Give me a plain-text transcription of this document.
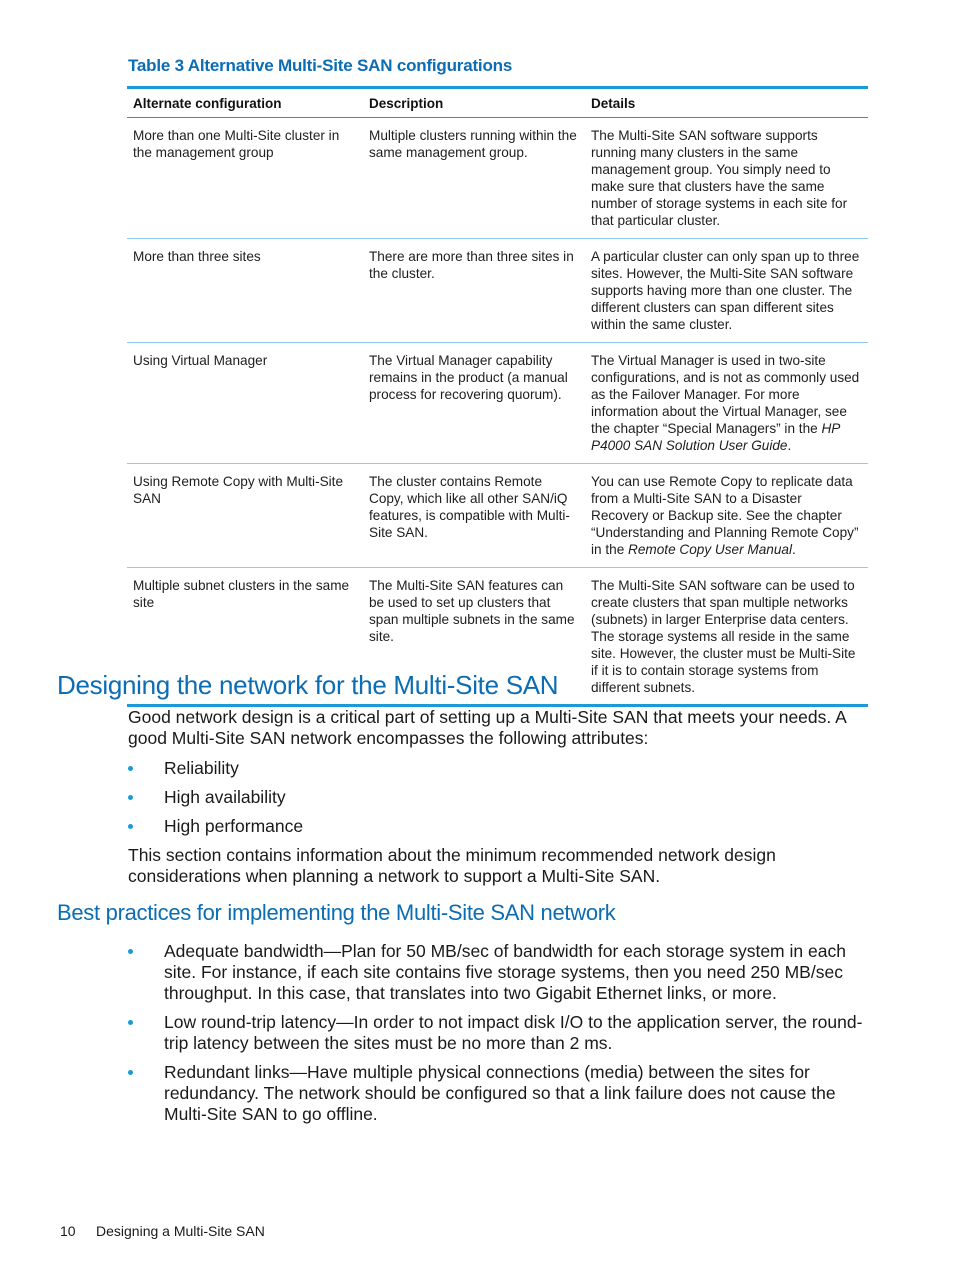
Table 3 Alternative Multi-Site SAN configurations
Alternate configuration	Description	Details
More than one Multi-Site cluster in the management group	Multiple clusters running within the same management group.	The Multi-Site SAN software supports running many clusters in the same management group. You simply need to make sure that clusters have the same number of storage systems in each site for that particular cluster.
More than three sites	There are more than three sites in the cluster.	A particular cluster can only span up to three sites. However, the Multi-Site SAN software supports having more than one cluster. The different clusters can span different sites within the same cluster.
Using Virtual Manager	The Virtual Manager capability remains in the product (a manual process for recovering quorum).	The Virtual Manager is used in two-site configurations, and is not as commonly used as the Failover Manager. For more information about the Virtual Manager, see the chapter “Special Managers” in the HP P4000 SAN Solution User Guide.
Using Remote Copy with Multi-Site SAN	The cluster contains Remote Copy, which like all other SAN/iQ features, is compatible with Multi-Site SAN.	You can use Remote Copy to replicate data from a Multi-Site SAN to a Disaster Recovery or Backup site. See the chapter “Understanding and Planning Remote Copy” in the Remote Copy User Manual.
Multiple subnet clusters in the same site	The Multi-Site SAN features can be used to set up clusters that span multiple subnets in the same site.	The Multi-Site SAN software can be used to create clusters that span multiple networks (subnets) in larger Enterprise data centers. The storage systems all reside in the same site. However, the cluster must be Multi-Site if it is to contain storage systems from different subnets.
Designing the network for the Multi-Site SAN
Good network design is a critical part of setting up a Multi-Site SAN that meets your needs. A good Multi-Site SAN network encompasses the following attributes:
Reliability
High availability
High performance
This section contains information about the minimum recommended network design considerations when planning a network to support a Multi-Site SAN.
Best practices for implementing the Multi-Site SAN network
Adequate bandwidth—Plan for 50 MB/sec of bandwidth for each storage system in each site. For instance, if each site contains five storage systems, then you need 250 MB/sec throughput. In this case, that translates into two Gigabit Ethernet links, or more.
Low round-trip latency—In order to not impact disk I/O to the application server, the round-trip latency between the sites must be no more than 2 ms.
Redundant links—Have multiple physical connections (media) between the sites for redundancy. The network should be configured so that a link failure does not cause the Multi-Site SAN to go offline.
10 Designing a Multi-Site SAN
